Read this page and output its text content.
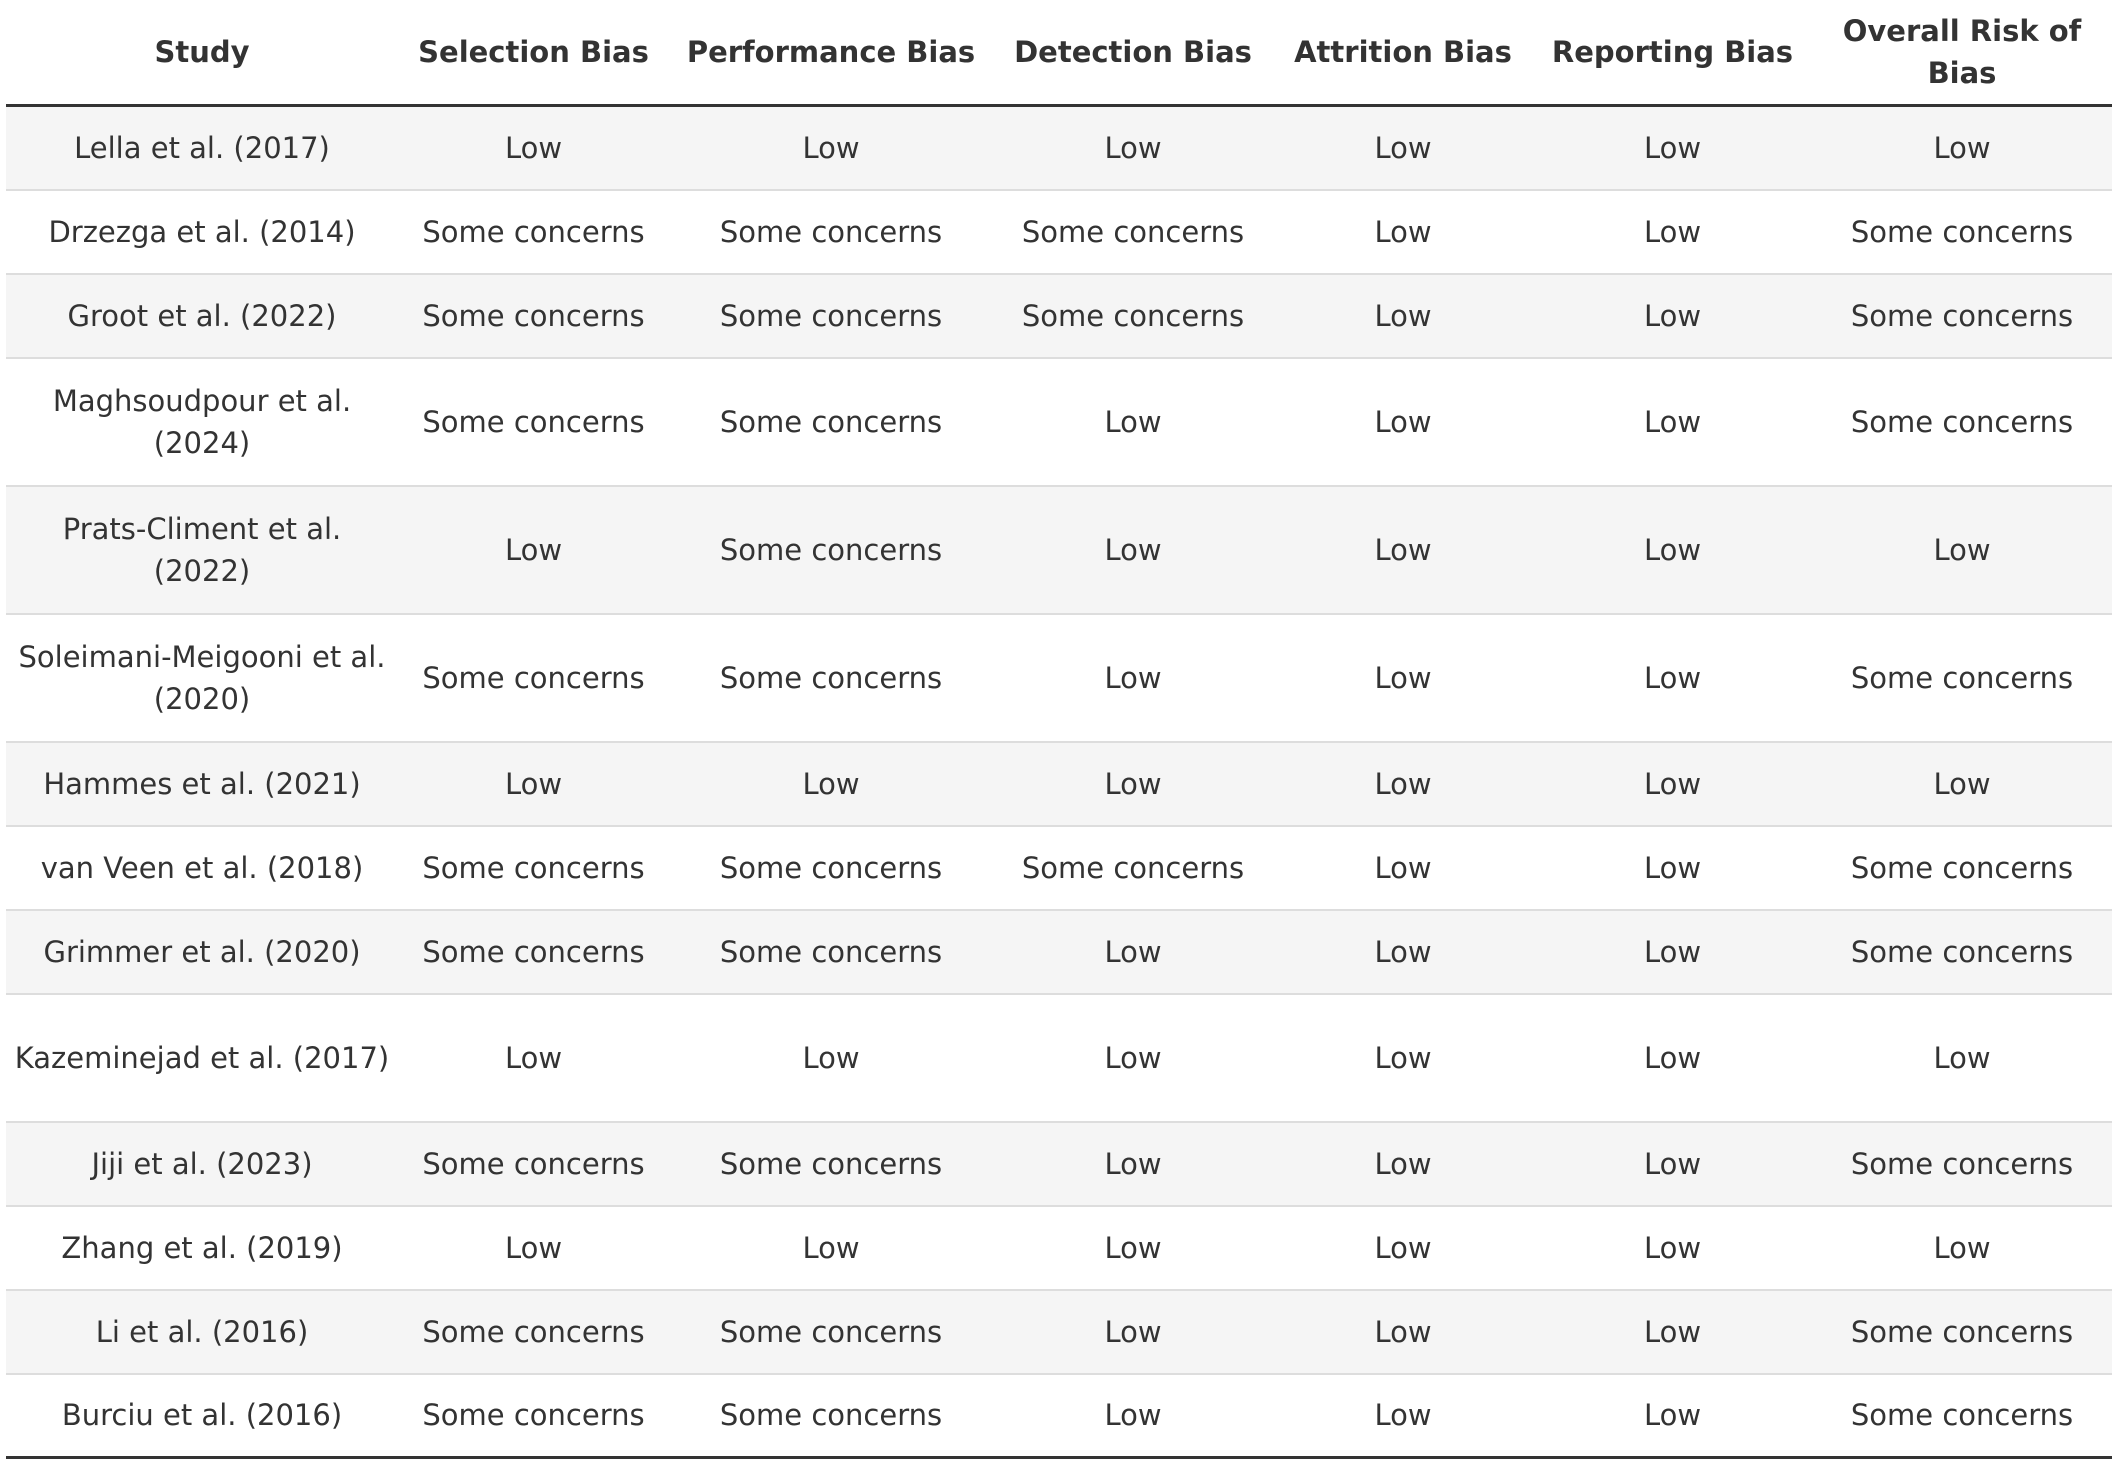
Study	Selection Bias	Performance Bias	Detection Bias	Attrition Bias	Reporting Bias	Overall Risk of Bias
Lella et al. (2017)	Low	Low	Low	Low	Low	Low
Drzezga et al. (2014)	Some concerns	Some concerns	Some concerns	Low	Low	Some concerns
Groot et al. (2022)	Some concerns	Some concerns	Some concerns	Low	Low	Some concerns
Maghsoudpour et al. (2024)	Some concerns	Some concerns	Low	Low	Low	Some concerns
Prats-Climent et al. (2022)	Low	Some concerns	Low	Low	Low	Low
Soleimani-Meigooni et al. (2020)	Some concerns	Some concerns	Low	Low	Low	Some concerns
Hammes et al. (2021)	Low	Low	Low	Low	Low	Low
van Veen et al. (2018)	Some concerns	Some concerns	Some concerns	Low	Low	Some concerns
Grimmer et al. (2020)	Some concerns	Some concerns	Low	Low	Low	Some concerns
Kazeminejad et al. (2017)	Low	Low	Low	Low	Low	Low
Jiji et al. (2023)	Some concerns	Some concerns	Low	Low	Low	Some concerns
Zhang et al. (2019)	Low	Low	Low	Low	Low	Low
Li et al. (2016)	Some concerns	Some concerns	Low	Low	Low	Some concerns
Burciu et al. (2016)	Some concerns	Some concerns	Low	Low	Low	Some concerns
